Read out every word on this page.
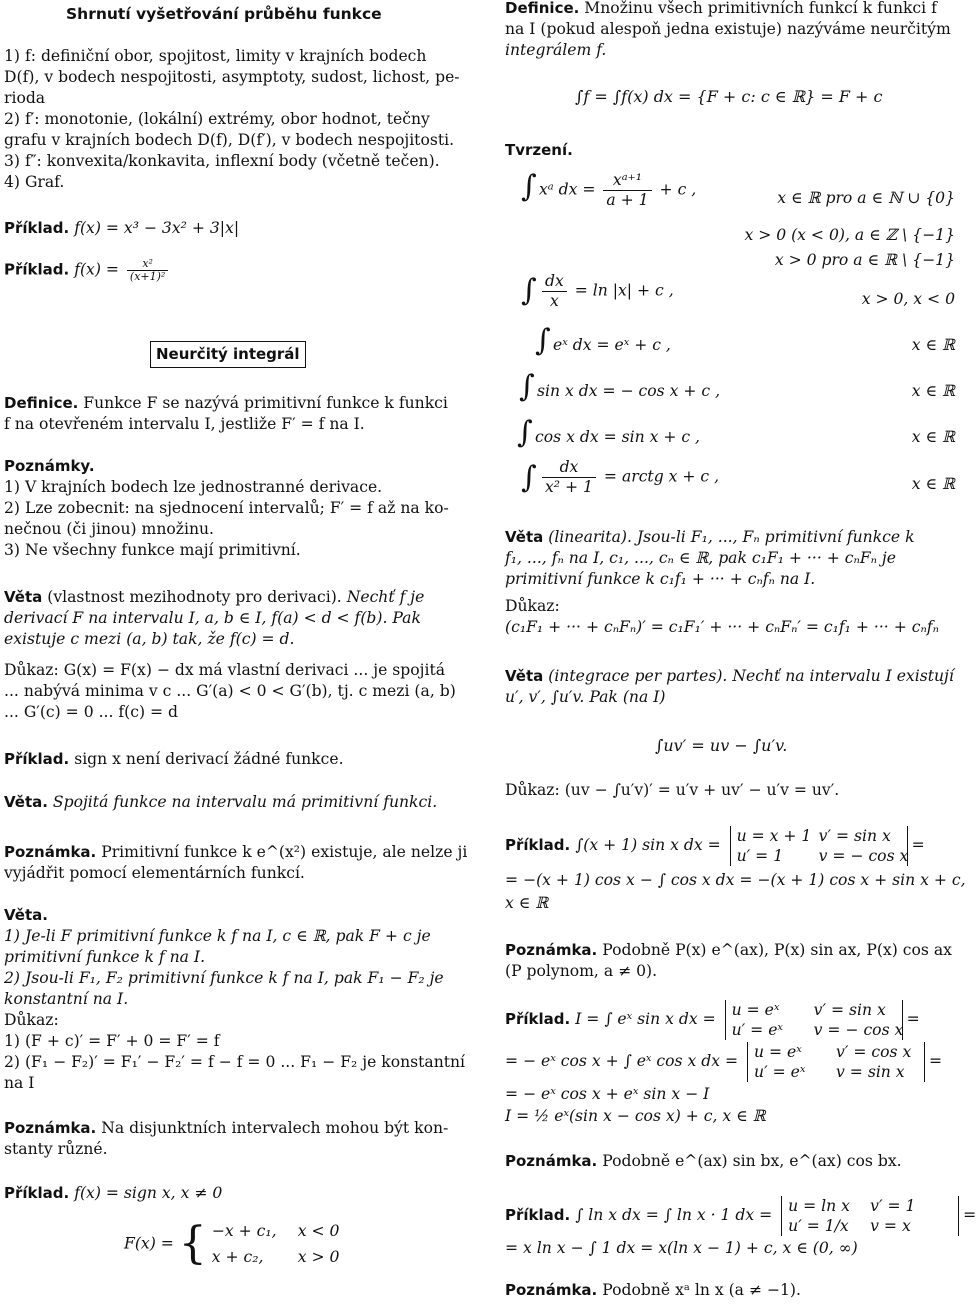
Shrnutí vyšetřování průběhu funkce
1) f: definiční obor, spojitost, limity v krajních bodech
D(f), v bodech nespojitosti, asymptoty, sudost, lichost, pe-
rioda
2) f′: monotonie, (lokální) extrémy, obor hodnot, tečny
grafu v krajních bodech D(f), D(f′), v bodech nespojitosti.
3) f″: konvexita/konkavita, inflexní body (včetně tečen).
4) Graf.
Příklad. f(x) = x³ − 3x² + 3|x|
Příklad. $f(x) = \frac{\text{x²}}{\text{(x+1)²}}$
Neurčitý integrál
Definice. Funkce F se nazývá primitivní funkce k funkci
f na otevřeném intervalu I, jestliže F′ = f na I.
Poznámky.
1) V krajních bodech lze jednostranné derivace.
2) Lze zobecnit: na sjednocení intervalů; F′ = f až na ko-
nečnou (či jinou) množinu.
3) Ne všechny funkce mají primitivní.
Věta (vlastnost mezihodnoty pro derivaci). Nechť f je
derivací F na intervalu I, a, b ∈ I, f(a) < d < f(b). Pak
existuje c mezi (a, b) tak, že f(c) = d.
Důkaz: G(x) = F(x) − dx má vlastní derivaci ... je spojitá
... nabývá minima v c ... G′(a) < 0 < G′(b), tj. c mezi (a, b)
... G′(c) = 0 ... f(c) = d
Příklad. sign x není derivací žádné funkce.
Věta. Spojitá funkce na intervalu má primitivní funkci.
Poznámka. Primitivní funkce k e^(x²) existuje, ale nelze ji
vyjádřit pomocí elementárních funkcí.
Věta.
1) Je-li F primitivní funkce k f na I, c ∈ ℝ, pak F + c je
primitivní funkce k f na I.
2) Jsou-li F₁, F₂ primitivní funkce k f na I, pak F₁ − F₂ je
konstantní na I.
Důkaz:
1) (F + c)′ = F′ + 0 = F′ = f
2) (F₁ − F₂)′ = F₁′ − F₂′ = f − f = 0 ... F₁ − F₂ je konstantní
na I
Poznámka. Na disjunktních intervalech mohou být kon-
stanty různé.
Příklad. f(x) = sign x, x ≠ 0
F(x) = { −x + c₁, x < 0
x + c₂, x > 0
Definice. Množinu všech primitivních funkcí k funkci f
na I (pokud alespoň jedna existuje) nazýváme neurčitým
integrálem f.
∫f = ∫f(x) dx = {F + c: c ∈ ℝ} = F + c
Tvrzení.
xᵃ dx = $\frac{\text{xᵃ⁺¹}}{a + 1} + c$ ,	x ∈ ℝ pro a ∈ ℕ ∪ {0}
x > 0 (x < 0), a ∈ ℤ \ {−1}
x > 0 pro a ∈ ℝ \ {−1}
$\frac{dx}{x} = \ln |x| + c$ ,	x > 0, x < 0
eˣ dx = eˣ + c ,	x ∈ ℝ
sin x dx = − cos x + c ,	x ∈ ℝ
cos x dx = sin x + c ,	x ∈ ℝ
$\frac{dx}{\text{x² + 1}}$ = arctg x + c ,	x ∈ ℝ
∫
∫
∫
∫
∫
∫
Věta (linearita). Jsou-li F₁, ..., Fₙ primitivní funkce k
f₁, ..., fₙ na I, c₁, ..., cₙ ∈ ℝ, pak c₁F₁ + ··· + cₙFₙ je
primitivní funkce k c₁f₁ + ··· + cₙfₙ na I.
Důkaz:
(c₁F₁ + ··· + cₙFₙ)′ = c₁F₁′ + ··· + cₙFₙ′ = c₁f₁ + ··· + cₙfₙ
Věta (integrace per partes). Nechť na intervalu I existují
u′, v′, ∫u′v. Pak (na I)
∫uv′ = uv − ∫u′v.
Důkaz: (uv − ∫u′v)′ = u′v + uv′ − u′v = uv′.
Příklad. ∫(x + 1) sin x dx = u = x + 1 v′ = sin x
u′ = 1 v = − cos x
=
= −(x + 1) cos x − ∫ cos x dx = −(x + 1) cos x + sin x + c,
x ∈ ℝ
Poznámka. Podobně P(x) e^(ax), P(x) sin ax, P(x) cos ax
(P polynom, a ≠ 0).
Příklad. I = ∫ eˣ sin x dx = u = eˣ v′ = sin x
u′ = eˣ v = − cos x
=
= − eˣ cos x + ∫ eˣ cos x dx = u = eˣ v′ = cos x
u′ = eˣ v = sin x
=
= − eˣ cos x + eˣ sin x − I
I = ½ eˣ(sin x − cos x) + c, x ∈ ℝ
Poznámka. Podobně e^(ax) sin bx, e^(ax) cos bx.
Příklad. ∫ ln x dx = ∫ ln x · 1 dx = u = ln x v′ = 1
u′ = 1/x v = x
=
= x ln x − ∫ 1 dx = x(ln x − 1) + c, x ∈ (0, ∞)
Poznámka. Podobně xᵃ ln x (a ≠ −1).
